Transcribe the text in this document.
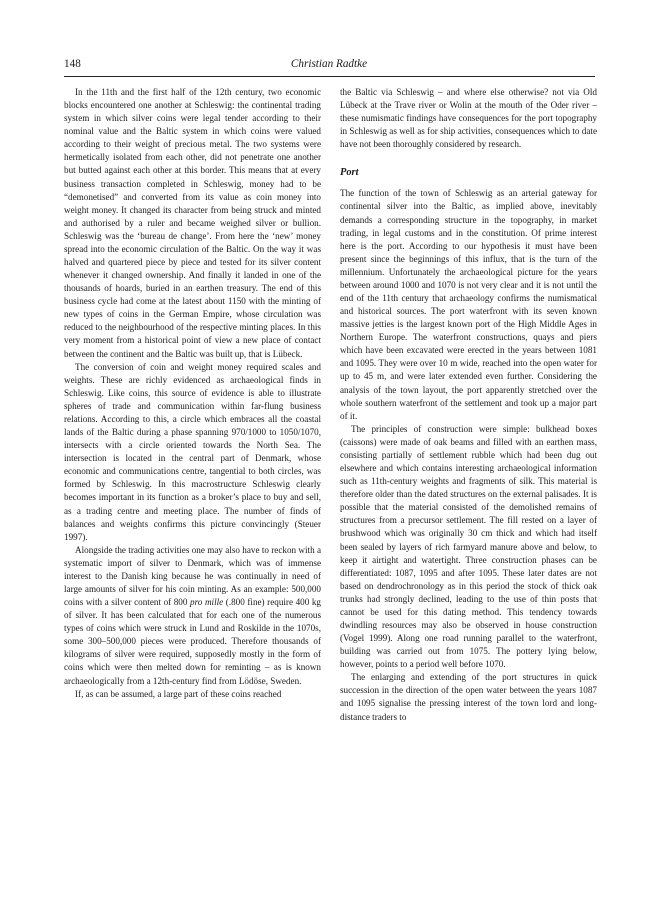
148	Christian Radtke

In the 11th and the first half of the 12th century, two economic blocks encountered one another at Schleswig: the continental trading system in which silver coins were legal tender according to their nominal value and the Baltic system in which coins were valued according to their weight of precious metal. The two systems were hermetically isolated from each other, did not penetrate one another but butted against each other at this border. This means that at every business transaction completed in Schleswig, money had to be “demonetised” and converted from its value as coin money into weight money. It changed its character from being struck and minted and authorised by a ruler and became weighed silver or bullion. Schleswig was the ‘bureau de change’. From here the ‘new’ money spread into the economic circulation of the Baltic. On the way it was halved and quartered piece by piece and tested for its silver content whenever it changed ownership. And finally it landed in one of the thousands of hoards, buried in an earthen treasury. The end of this business cycle had come at the latest about 1150 with the minting of new types of coins in the German Empire, whose circulation was reduced to the neighbourhood of the respective minting places. In this very moment from a historical point of view a new place of contact between the continent and the Baltic was built up, that is Lübeck.

The conversion of coin and weight money required scales and weights. These are richly evidenced as archaeological finds in Schleswig. Like coins, this source of evidence is able to illustrate spheres of trade and communication within far-flung business relations. According to this, a circle which embraces all the coastal lands of the Baltic during a phase spanning 970/1000 to 1050/1070, intersects with a circle oriented towards the North Sea. The intersection is located in the central part of Denmark, whose economic and communications centre, tangential to both circles, was formed by Schleswig. In this macrostructure Schleswig clearly becomes important in its function as a broker’s place to buy and sell, as a trading centre and meeting place. The number of finds of balances and weights confirms this picture convincingly (Steuer 1997).

Alongside the trading activities one may also have to reckon with a systematic import of silver to Denmark, which was of immense interest to the Danish king because he was continually in need of large amounts of silver for his coin minting. As an example: 500,000 coins with a silver content of 800 pro mille (.800 fine) require 400 kg of silver. It has been calculated that for each one of the numerous types of coins which were struck in Lund and Roskilde in the 1070s, some 300–500,000 pieces were produced. Therefore thousands of kilograms of silver were required, supposedly mostly in the form of coins which were then melted down for reminting – as is known archaeologically from a 12th-century find from Lödöse, Sweden.

If, as can be assumed, a large part of these coins reached

the Baltic via Schleswig – and where else otherwise? not via Old Lübeck at the Trave river or Wolin at the mouth of the Oder river – these numismatic findings have consequences for the port topography in Schleswig as well as for ship activities, consequences which to date have not been thoroughly considered by research.

Port

The function of the town of Schleswig as an arterial gateway for continental silver into the Baltic, as implied above, inevitably demands a corresponding structure in the topography, in market trading, in legal customs and in the constitution. Of prime interest here is the port. According to our hypothesis it must have been present since the beginnings of this influx, that is the turn of the millennium. Unfortunately the archaeological picture for the years between around 1000 and 1070 is not very clear and it is not until the end of the 11th century that archaeology confirms the numismatical and historical sources. The port waterfront with its seven known massive jetties is the largest known port of the High Middle Ages in Northern Europe. The waterfront constructions, quays and piers which have been excavated were erected in the years between 1081 and 1095. They were over 10 m wide, reached into the open water for up to 45 m, and were later extended even further. Considering the analysis of the town layout, the port apparently stretched over the whole southern waterfront of the settlement and took up a major part of it.

The principles of construction were simple: bulkhead boxes (caissons) were made of oak beams and filled with an earthen mass, consisting partially of settlement rubble which had been dug out elsewhere and which contains interesting archaeological information such as 11th-century weights and fragments of silk. This material is therefore older than the dated structures on the external palisades. It is possible that the material consisted of the demolished remains of structures from a precursor settlement. The fill rested on a layer of brushwood which was originally 30 cm thick and which had itself been sealed by layers of rich farmyard manure above and below, to keep it airtight and watertight. Three construction phases can be differentiated: 1087, 1095 and after 1095. These later dates are not based on dendrochronology as in this period the stock of thick oak trunks had strongly declined, leading to the use of thin posts that cannot be used for this dating method. This tendency towards dwindling resources may also be observed in house construction (Vogel 1999). Along one road running parallel to the waterfront, building was carried out from 1075. The pottery lying below, however, points to a period well before 1070.

The enlarging and extending of the port structures in quick succession in the direction of the open water between the years 1087 and 1095 signalise the pressing interest of the town lord and long-distance traders to
